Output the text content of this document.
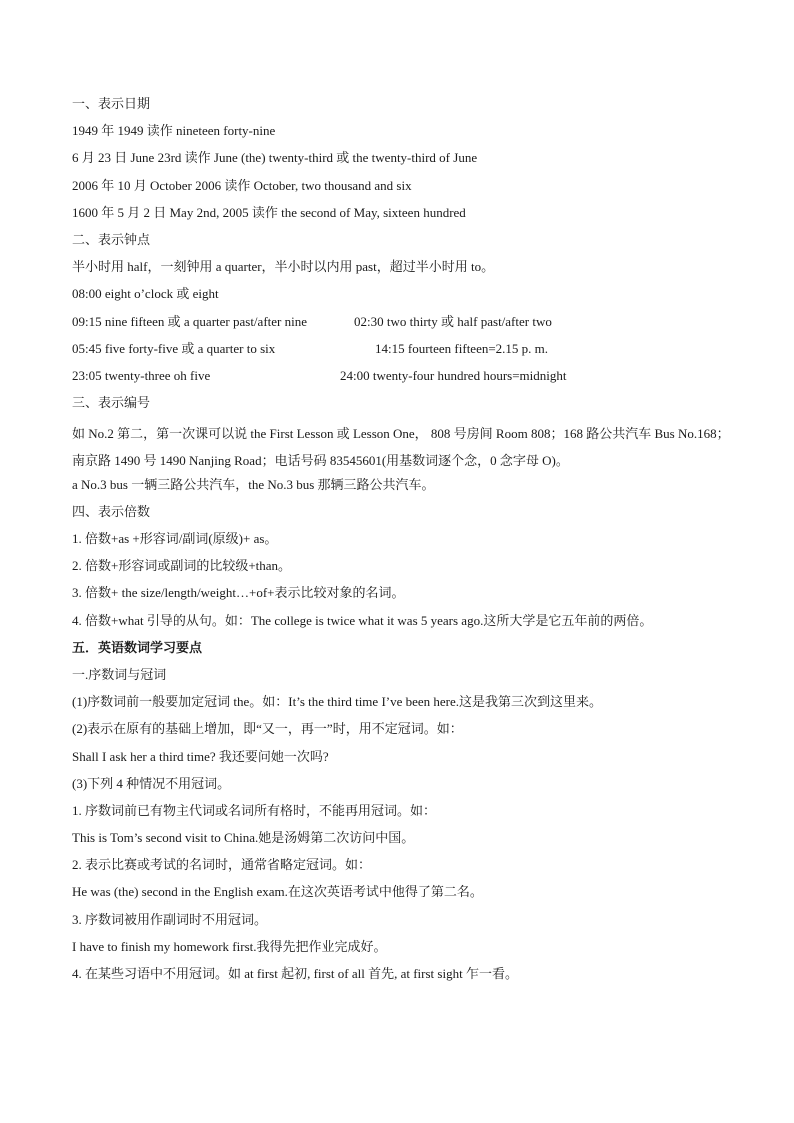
一、表示日期
1949 年 1949 读作 nineteen forty-nine
6 月 23 日 June 23rd 读作 June (the) twenty-third 或 the twenty-third of June
2006 年 10 月 October 2006 读作 October, two thousand and six
1600 年 5 月 2 日 May 2nd, 2005 读作 the second of May, sixteen hundred
二、表示钟点
半小时用 half，一刻钟用 a quarter，半小时以内用 past，超过半小时用 to。
08:00 eight o’clock 或 eight
09:15 nine fifteen 或 a quarter past/after nine	02:30 two thirty 或 half past/after two
05:45 five forty-five 或 a quarter to six	14:15 fourteen fifteen=2.15 p. m.
23:05 twenty-three oh five	24:00 twenty-four hundred hours=midnight
三、表示编号
如 No.2 第二，第一次课可以说 the First Lesson 或 Lesson One， 808 号房间 Room 808；168 路公共汽车 Bus No.168；南京路 1490 号 1490 Nanjing Road；电话号码 83545601(用基数词逐个念，0 念字母 O)。
a No.3 bus 一辆三路公共汽车，the No.3 bus 那辆三路公共汽车。
四、表示倍数
1. 倍数+as +形容词/副词(原级)+ as。
2. 倍数+形容词或副词的比较级+than。
3. 倍数+ the size/length/weight…+of+表示比较对象的名词。
4. 倍数+what 引导的从句。如：The college is twice what it was 5 years ago.这所大学是它五年前的两倍。
五．英语数词学习要点
一.序数词与冠词
(1)序数词前一般要加定冠词 the。如：It’s the third time I’ve been here.这是我第三次到这里来。
(2)表示在原有的基础上增加，即“又一，再一”时，用不定冠词。如：
Shall I ask her a third time? 我还要问她一次吗?
(3)下列 4 种情况不用冠词。
1. 序数词前已有物主代词或名词所有格时，不能再用冠词。如：
This is Tom’s second visit to China.她是汤姆第二次访问中国。
2. 表示比赛或考试的名词时，通常省略定冠词。如：
He was (the) second in the English exam.在这次英语考试中他得了第二名。
3. 序数词被用作副词时不用冠词。
I have to finish my homework first.我得先把作业完成好。
4. 在某些习语中不用冠词。如 at first 起初, first of all 首先, at first sight 乍一看。
